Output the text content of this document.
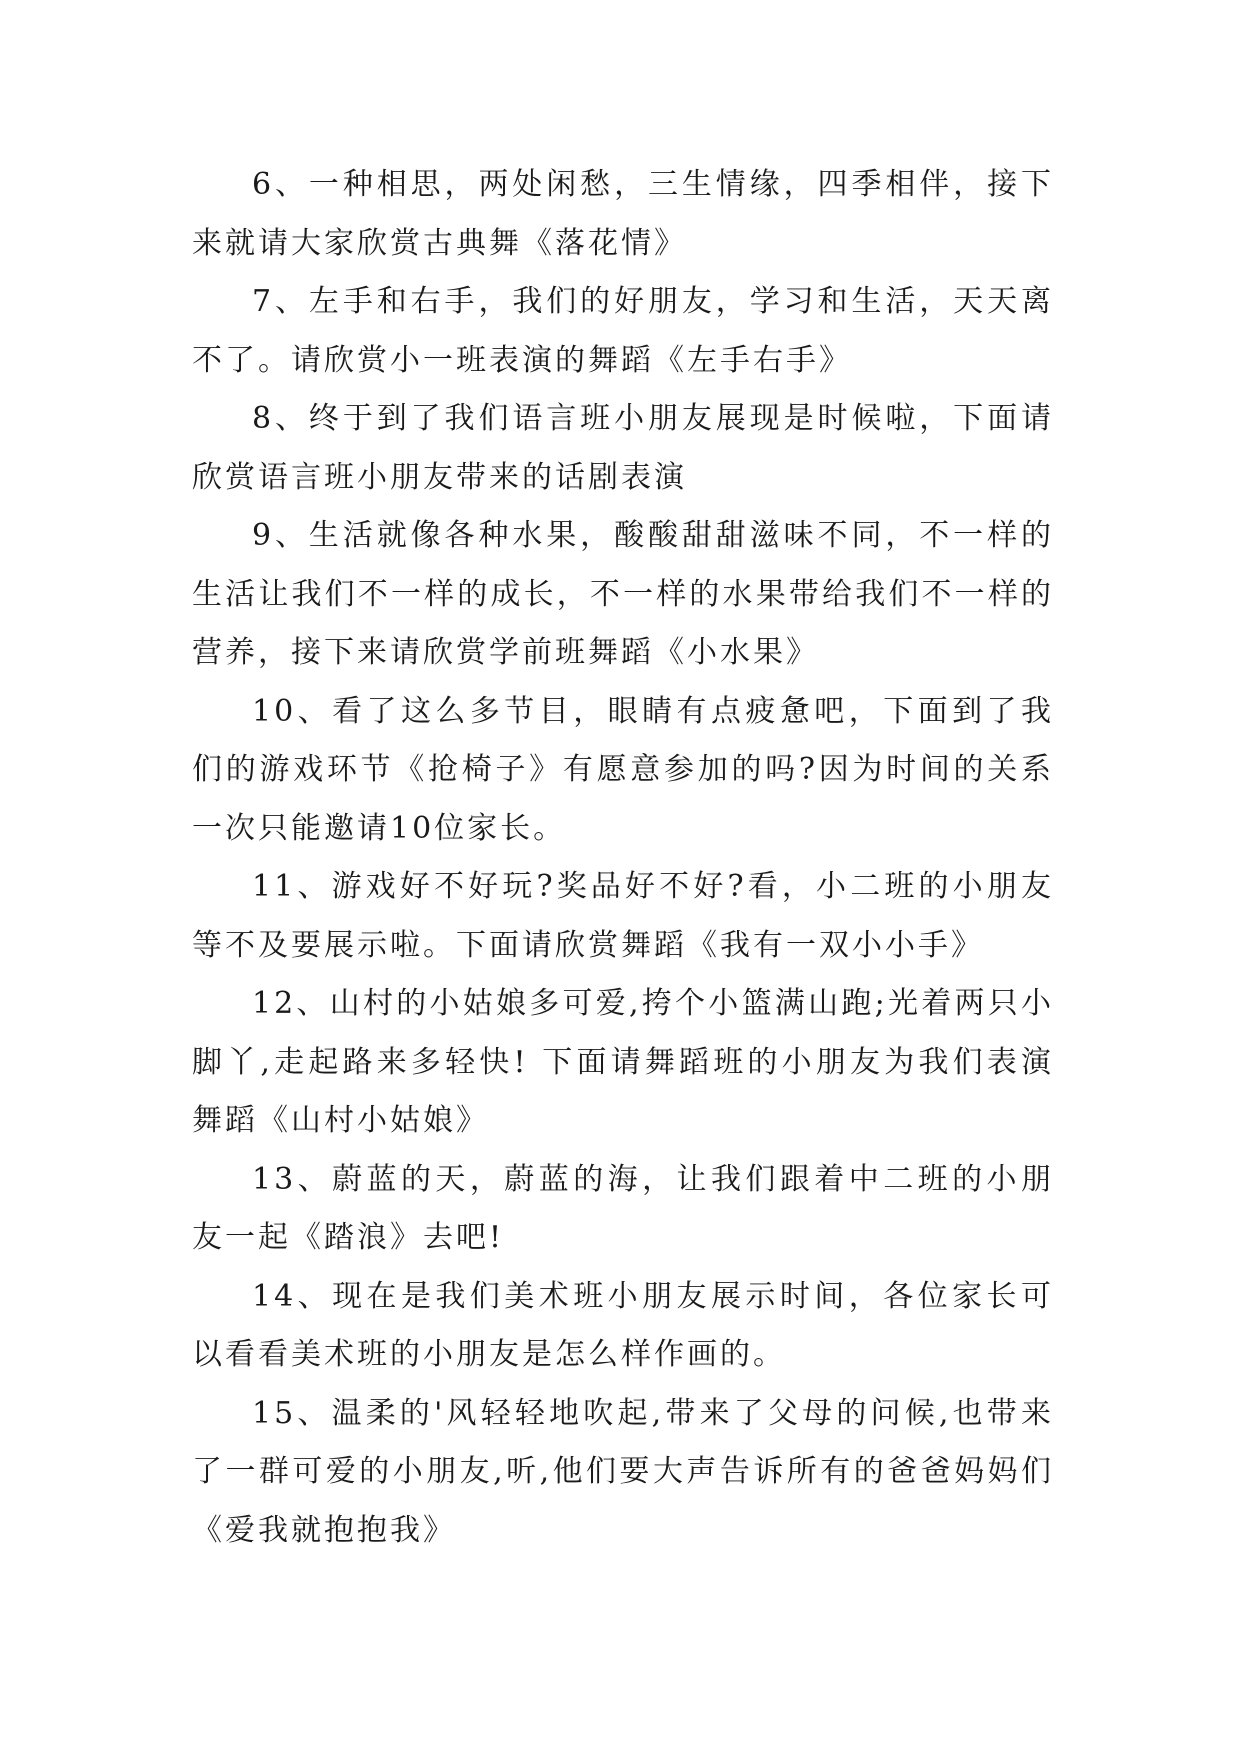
6、一种相思，两处闲愁，三生情缘，四季相伴，接下来就请大家欣赏古典舞《落花情》

7、左手和右手，我们的好朋友，学习和生活，天天离不了。请欣赏小一班表演的舞蹈《左手右手》

8、终于到了我们语言班小朋友展现是时候啦，下面请欣赏语言班小朋友带来的话剧表演

9、生活就像各种水果，酸酸甜甜滋味不同，不一样的生活让我们不一样的成长，不一样的水果带给我们不一样的营养，接下来请欣赏学前班舞蹈《小水果》

10、看了这么多节目，眼睛有点疲惫吧，下面到了我们的游戏环节《抢椅子》有愿意参加的吗?因为时间的关系一次只能邀请10位家长。

11、游戏好不好玩?奖品好不好?看，小二班的小朋友等不及要展示啦。下面请欣赏舞蹈《我有一双小小手》

12、山村的小姑娘多可爱,挎个小篮满山跑;光着两只小脚丫,走起路来多轻快! 下面请舞蹈班的小朋友为我们表演舞蹈《山村小姑娘》

13、蔚蓝的天，蔚蓝的海，让我们跟着中二班的小朋友一起《踏浪》去吧!

14、现在是我们美术班小朋友展示时间，各位家长可以看看美术班的小朋友是怎么样作画的。

15、温柔的'风轻轻地吹起,带来了父母的问候,也带来了一群可爱的小朋友,听,他们要大声告诉所有的爸爸妈妈们《爱我就抱抱我》
